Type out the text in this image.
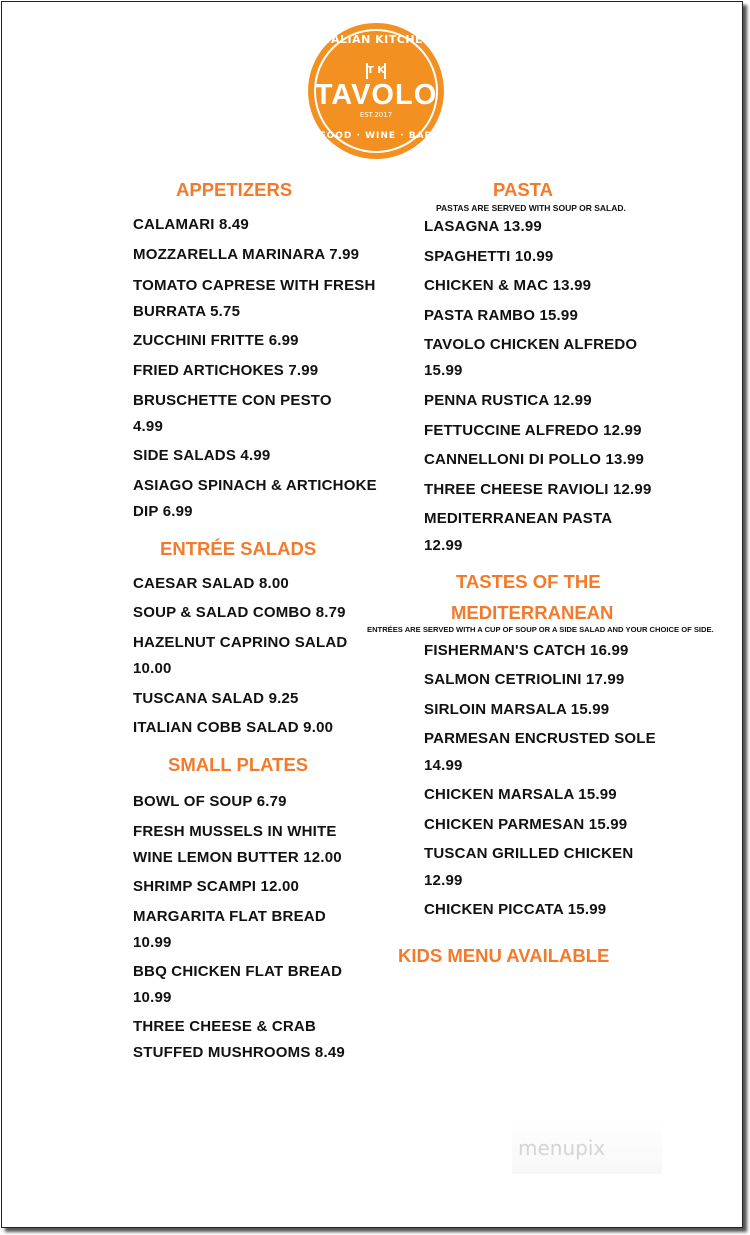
ITALIAN KITCHEN
T K
TAVOLO
EST.2017
FOOD · WINE · BAR
APPETIZERS
CALAMARI 8.49
MOZZARELLA MARINARA 7.99
TOMATO CAPRESE WITH FRESH
BURRATA 5.75
ZUCCHINI FRITTE 6.99
FRIED ARTICHOKES 7.99
BRUSCHETTE CON PESTO
4.99
SIDE SALADS 4.99
ASIAGO SPINACH & ARTICHOKE
DIP 6.99
ENTRÉE SALADS
CAESAR SALAD 8.00
SOUP & SALAD COMBO 8.79
HAZELNUT CAPRINO SALAD
10.00
TUSCANA SALAD 9.25
ITALIAN COBB SALAD 9.00
SMALL PLATES
BOWL OF SOUP 6.79
FRESH MUSSELS IN WHITE
WINE LEMON BUTTER 12.00
SHRIMP SCAMPI 12.00
MARGARITA FLAT BREAD
10.99
BBQ CHICKEN FLAT BREAD
10.99
THREE CHEESE & CRAB
STUFFED MUSHROOMS 8.49
PASTA
PASTAS ARE SERVED WITH SOUP OR SALAD.
LASAGNA 13.99
SPAGHETTI 10.99
CHICKEN & MAC 13.99
PASTA RAMBO 15.99
TAVOLO CHICKEN ALFREDO
15.99
PENNA RUSTICA 12.99
FETTUCCINE ALFREDO 12.99
CANNELLONI DI POLLO 13.99
THREE CHEESE RAVIOLI 12.99
MEDITERRANEAN PASTA
12.99
TASTES OF THE
MEDITERRANEAN
ENTRÉES ARE SERVED WITH A CUP OF SOUP OR A SIDE SALAD AND YOUR CHOICE OF SIDE.
FISHERMAN'S CATCH 16.99
SALMON CETRIOLINI 17.99
SIRLOIN MARSALA 15.99
PARMESAN ENCRUSTED SOLE
14.99
CHICKEN MARSALA 15.99
CHICKEN PARMESAN 15.99
TUSCAN GRILLED CHICKEN
12.99
CHICKEN PICCATA 15.99
KIDS MENU AVAILABLE
menupix
